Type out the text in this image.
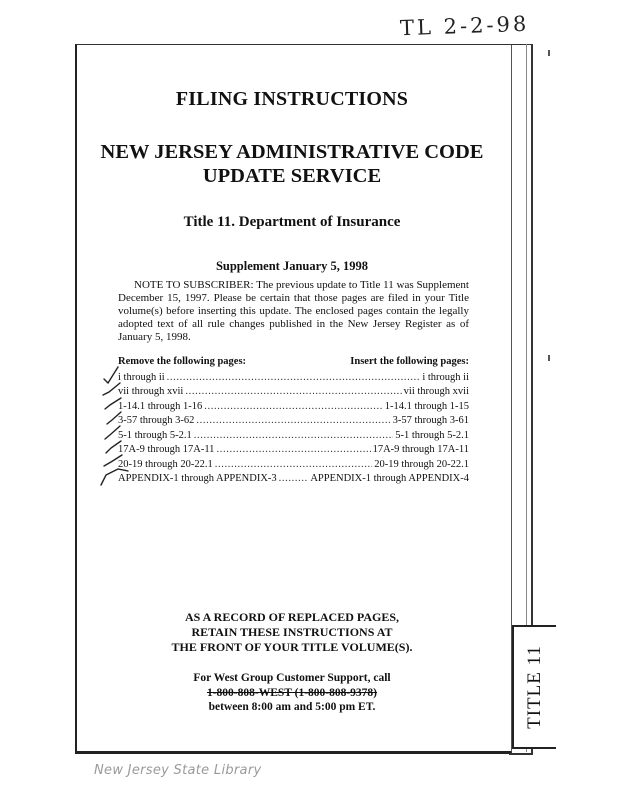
TL 2-2-98
TITLE 11
FILING INSTRUCTIONS
NEW JERSEY ADMINISTRATIVE CODE
UPDATE SERVICE
Title 11. Department of Insurance
Supplement January 5, 1998
NOTE TO SUBSCRIBER: The previous update to Title 11 was Supplement December 15, 1997. Please be certain that those pages are filed in your Title volume(s) before inserting this update. The enclosed pages contain the legally adopted text of all rule changes published in the New Jersey Register as of January 5, 1998.
Remove the following pages:	Insert the following pages:
i through ii . . .	i through ii
vii through xvii . . .	vii through xvii
1-14.1 through 1-16 . . .	1-14.1 through 1-15
3-57 through 3-62 . . .	3-57 through 3-61
5-1 through 5-2.1 . . .	5-1 through 5-2.1
17A-9 through 17A-11 . . .	17A-9 through 17A-11
20-19 through 20-22.1 . . .	20-19 through 20-22.1
APPENDIX-1 through APPENDIX-3 . . .	APPENDIX-1 through APPENDIX-4
AS A RECORD OF REPLACED PAGES,
RETAIN THESE INSTRUCTIONS AT
THE FRONT OF YOUR TITLE VOLUME(S).
For West Group Customer Support, call
1-800-808-WEST (1-800-808-9378)
between 8:00 am and 5:00 pm ET.
New Jersey State Library
